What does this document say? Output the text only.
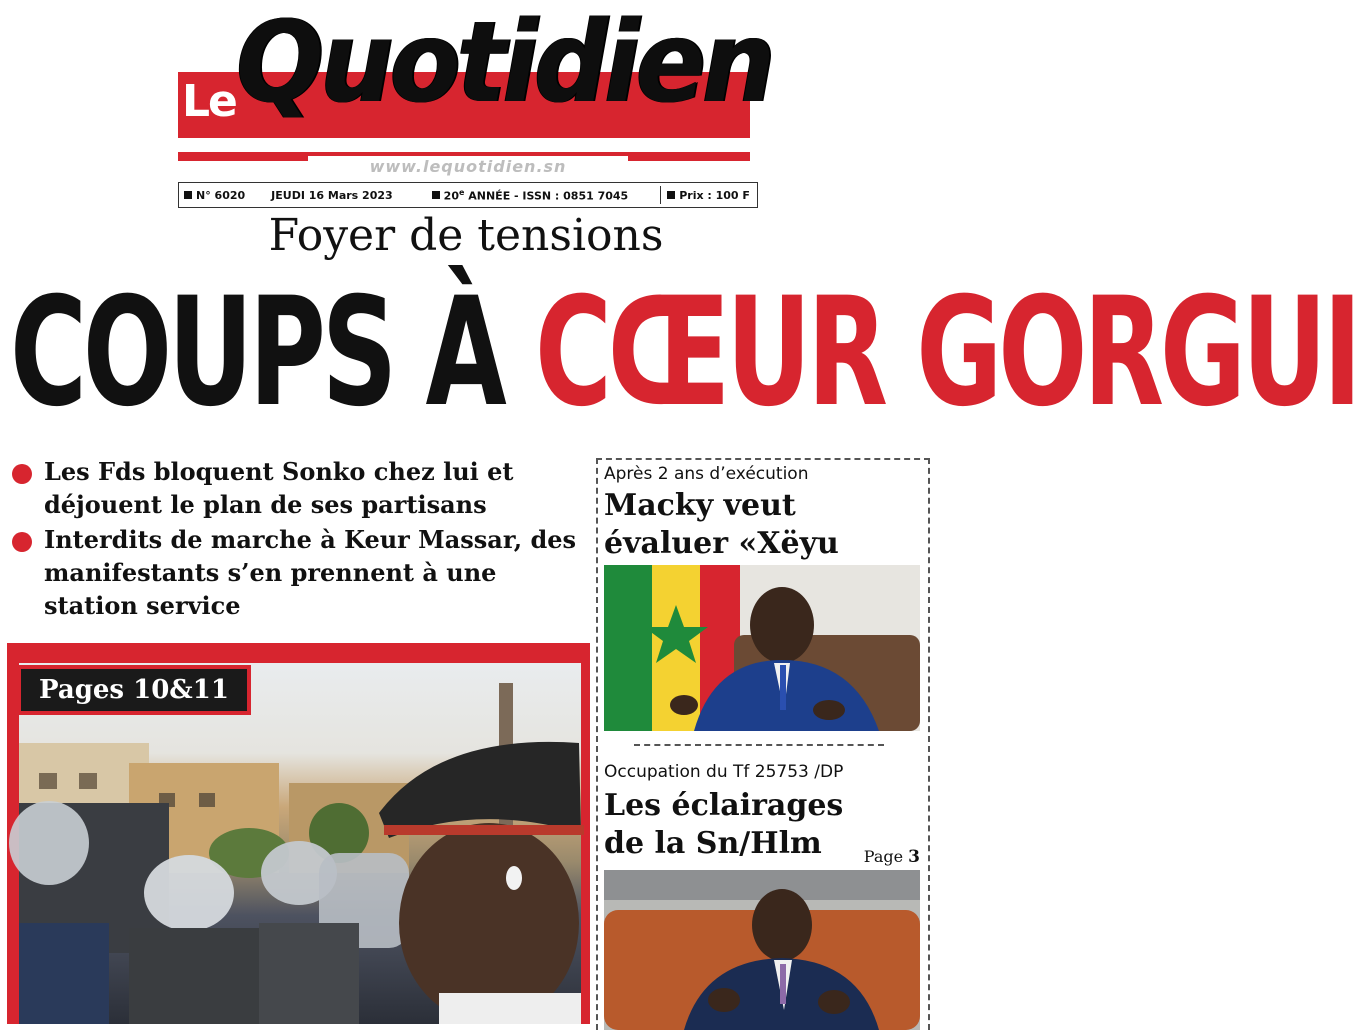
Le Quotidien
www.lequotidien.sn
N° 6020 JEUDI 16 Mars 2023	20e ANNÉE - ISSN : 0851 7045	Prix : 100 F
Foyer de tensions
COUPS À CŒUR GORGUI
Les Fds bloquent Sonko chez lui et déjouent le plan de ses partisans
Interdits de marche à Keur Massar, des manifestants s’en prennent à une station service
Pages 10&11
Après 2 ans d’exécution
Macky veut évaluer «Xëyu
Occupation du Tf 25753 /DP
Les éclairages de la Sn/Hlm	Page 3
